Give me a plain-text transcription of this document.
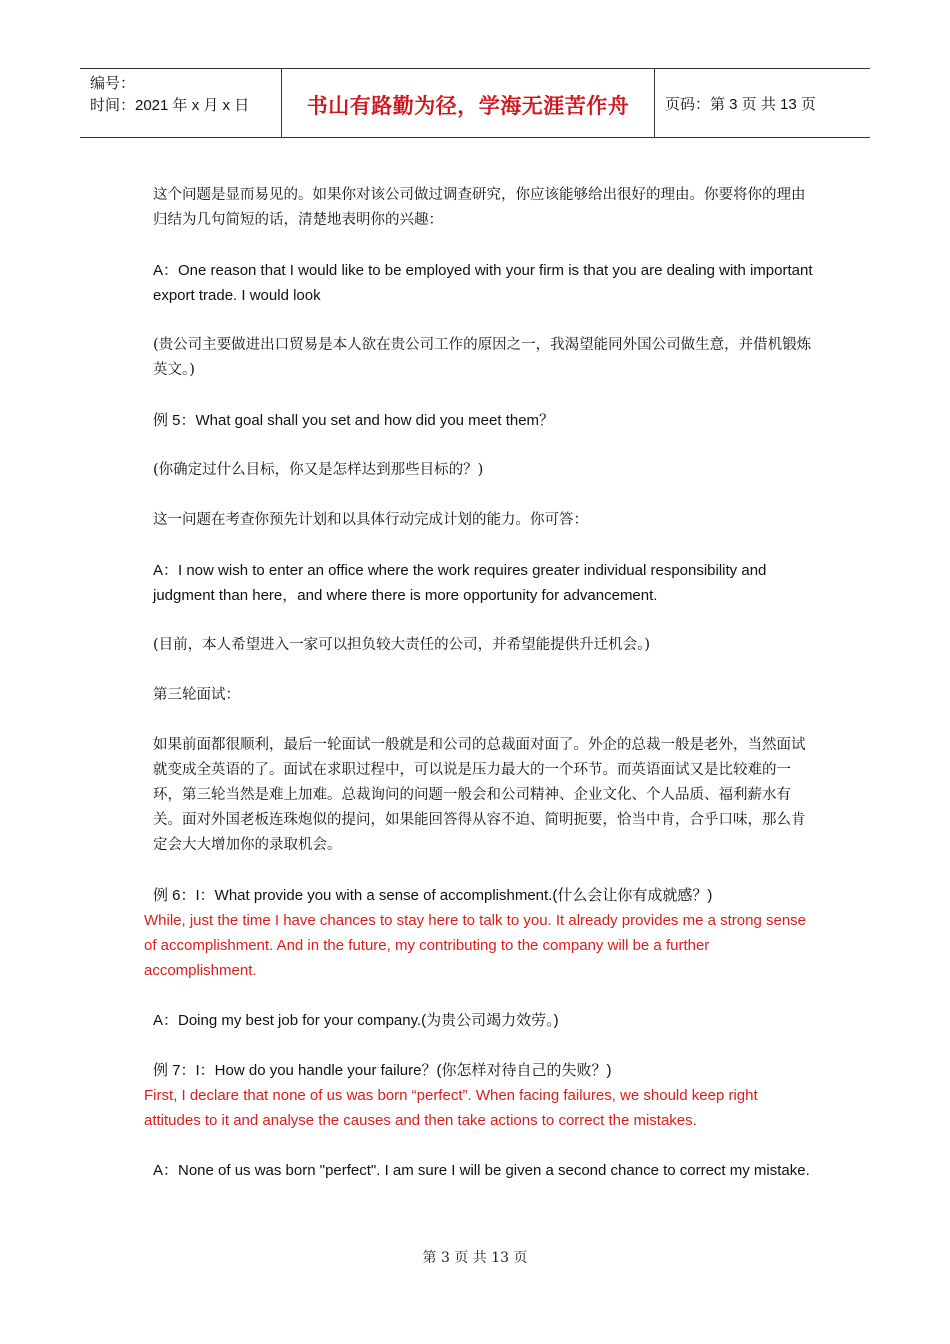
编号：
时间：2021 年 x 月 x 日	书山有路勤为径，学海无涯苦作舟	页码：第 3 页 共 13 页

这个问题是显而易见的。如果你对该公司做过调查研究，你应该能够给出很好的理由。你要将你的理由归结为几句简短的话，清楚地表明你的兴趣：

A：One reason that I would like to be employed with your firm is that you are dealing with important export trade. I would look

(贵公司主要做进出口贸易是本人欲在贵公司工作的原因之一，我渴望能同外国公司做生意，并借机锻炼英文。)

例 5：What goal shall you set and how did you meet them？

(你确定过什么目标，你又是怎样达到那些目标的？)

这一问题在考查你预先计划和以具体行动完成计划的能力。你可答：

A：I now wish to enter an office where the work requires greater individual responsibility and judgment than here，and where there is more opportunity for advancement.

(目前，本人希望进入一家可以担负较大责任的公司，并希望能提供升迁机会。)

第三轮面试：

如果前面都很顺利，最后一轮面试一般就是和公司的总裁面对面了。外企的总裁一般是老外，当然面试就变成全英语的了。面试在求职过程中，可以说是压力最大的一个环节。而英语面试又是比较难的一环，第三轮当然是难上加难。总裁询问的问题一般会和公司精神、企业文化、个人品质、福利薪水有关。面对外国老板连珠炮似的提问，如果能回答得从容不迫、简明扼要，恰当中肯，合乎口味，那么肯定会大大增加你的录取机会。

例 6：I：What provide you with a sense of accomplishment.(什么会让你有成就感？)

While, just the time I have chances to stay here to talk to you. It already provides me a strong sense of accomplishment. And in the future, my contributing to the company will be a further accomplishment.

A：Doing my best job for your company.(为贵公司竭力效劳。)

例 7：I：How do you handle your failure？(你怎样对待自己的失败？)

First, I declare that none of us was born “perfect”. When facing failures, we should keep right attitudes to it and analyse the causes and then take actions to correct the mistakes.

A：None of us was born "perfect". I am sure I will be given a second chance to correct my mistake.

第 3 页 共 13 页
